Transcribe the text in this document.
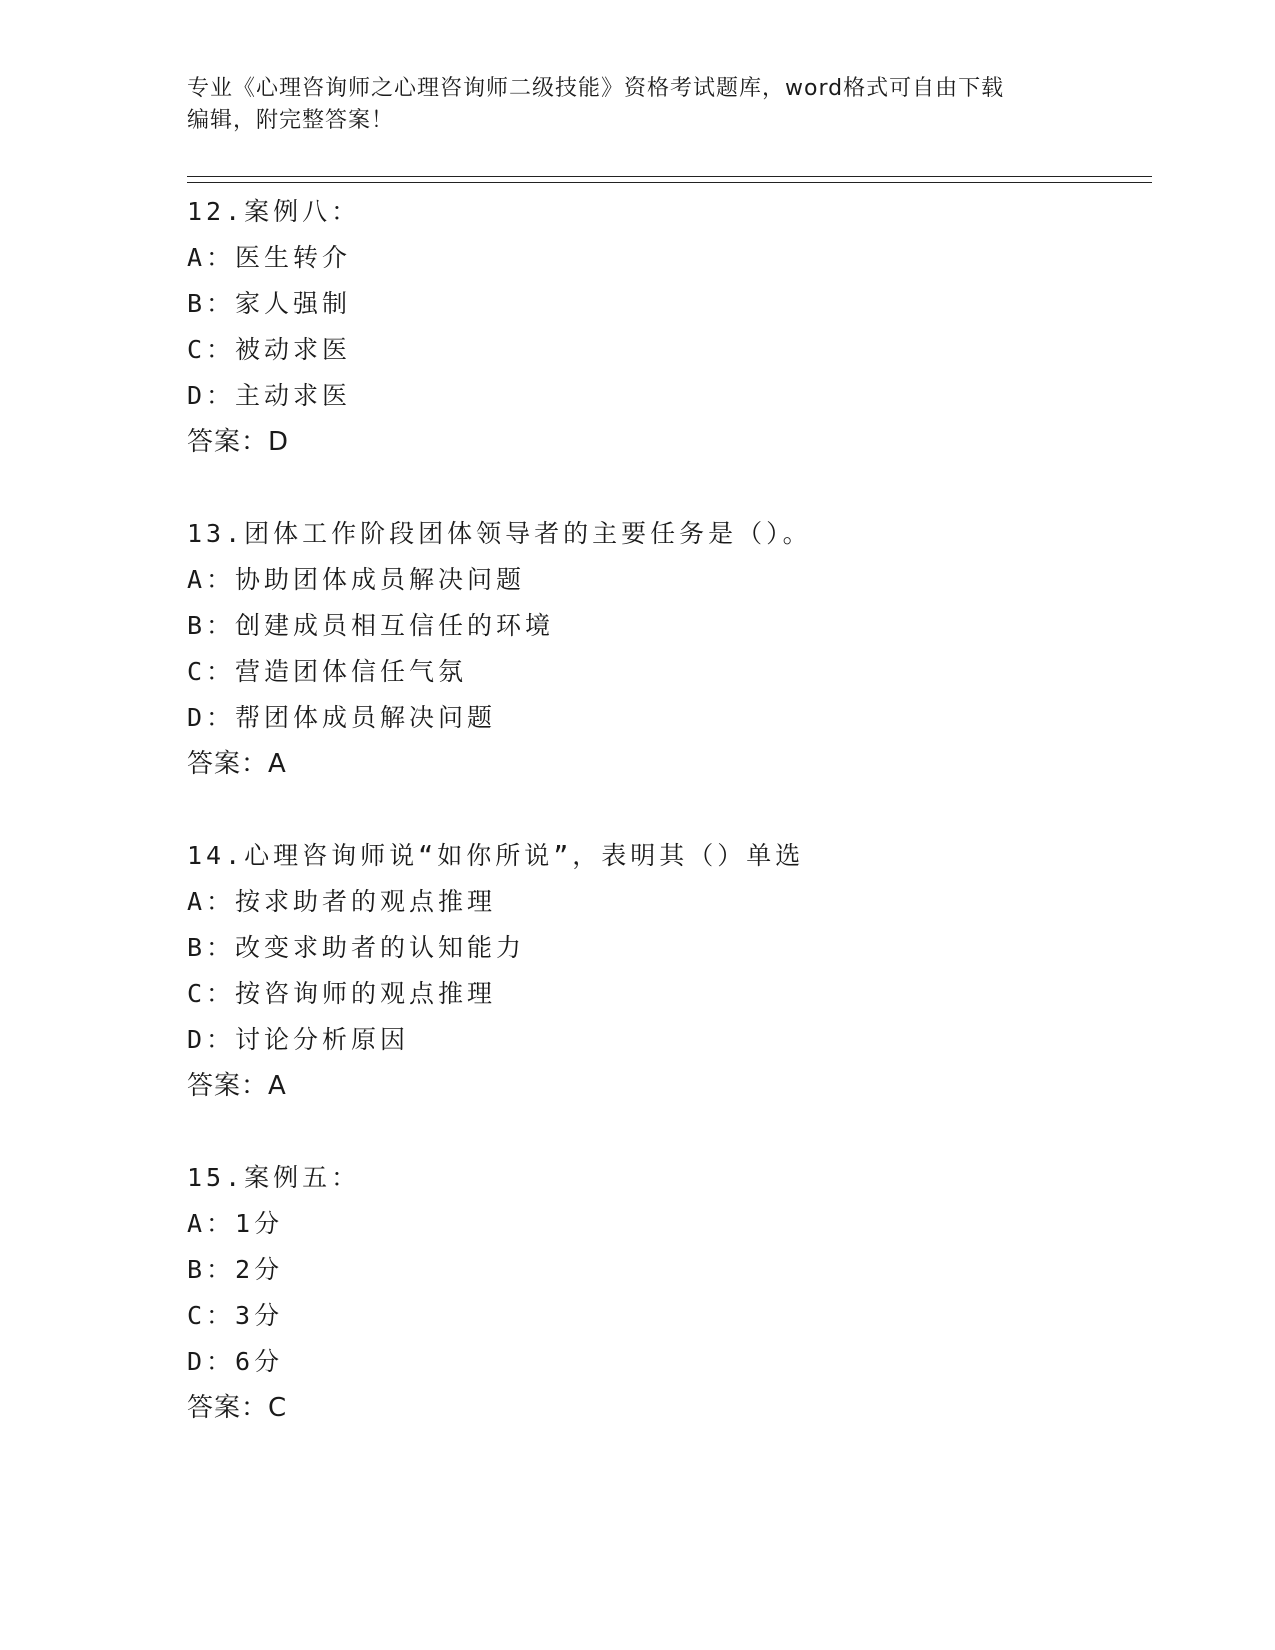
专业《心理咨询师之心理咨询师二级技能》资格考试题库，word格式可自由下载
编辑，附完整答案！
12.案例八：
A：医生转介
B：家人强制
C：被动求医
D：主动求医
答案：D
13.团体工作阶段团体领导者的主要任务是（）。
A：协助团体成员解决问题
B：创建成员相互信任的环境
C：营造团体信任气氛
D：帮团体成员解决问题
答案：A
14.心理咨询师说“如你所说”，表明其（）单选
A：按求助者的观点推理
B：改变求助者的认知能力
C：按咨询师的观点推理
D：讨论分析原因
答案：A
15.案例五：
A：1分
B：2分
C：3分
D：6分
答案：C
